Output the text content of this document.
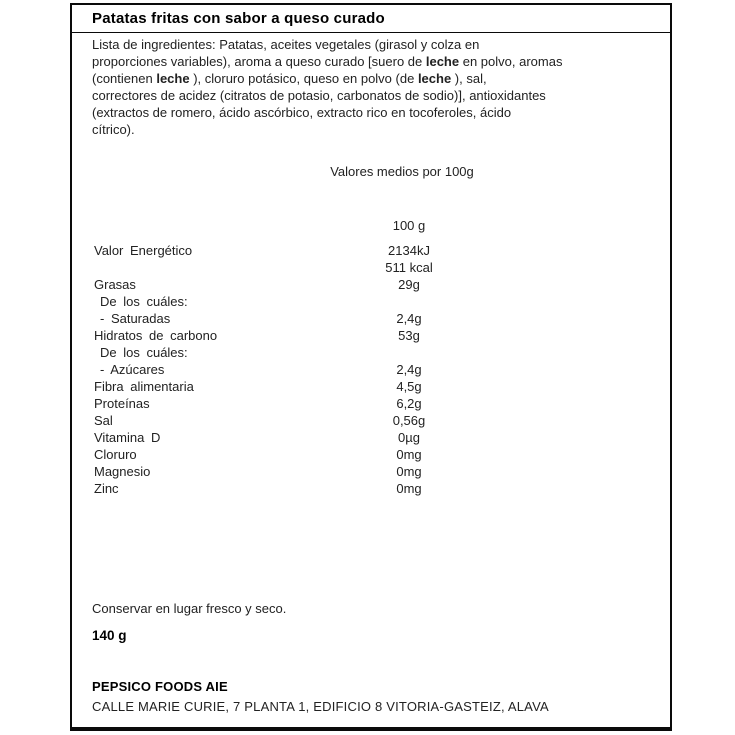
Patatas fritas con sabor a queso curado
Lista de ingredientes: Patatas, aceites vegetales (girasol y colza en
proporciones variables), aroma a queso curado [suero de leche en polvo, aromas
(contienen leche ), cloruro potásico, queso en polvo (de leche ), sal,
correctores de acidez (citratos de potasio, carbonatos de sodio)], antioxidantes
(extractos de romero, ácido ascórbico, extracto rico en tocoferoles, ácido
cítrico).
Valores medios por 100g
100 g
Valor Energético	2134kJ
511 kcal
Grasas	29g
De los cuáles:
- Saturadas	2,4g
Hidratos de carbono	53g
De los cuáles:
- Azúcares	2,4g
Fibra alimentaria	4,5g
Proteínas	6,2g
Sal	0,56g
Vitamina D	0µg
Cloruro	0mg
Magnesio	0mg
Zinc	0mg
Conservar en lugar fresco y seco.
140 g
PEPSICO FOODS AIE
CALLE MARIE CURIE, 7 PLANTA 1, EDIFICIO 8 VITORIA-GASTEIZ, ALAVA
